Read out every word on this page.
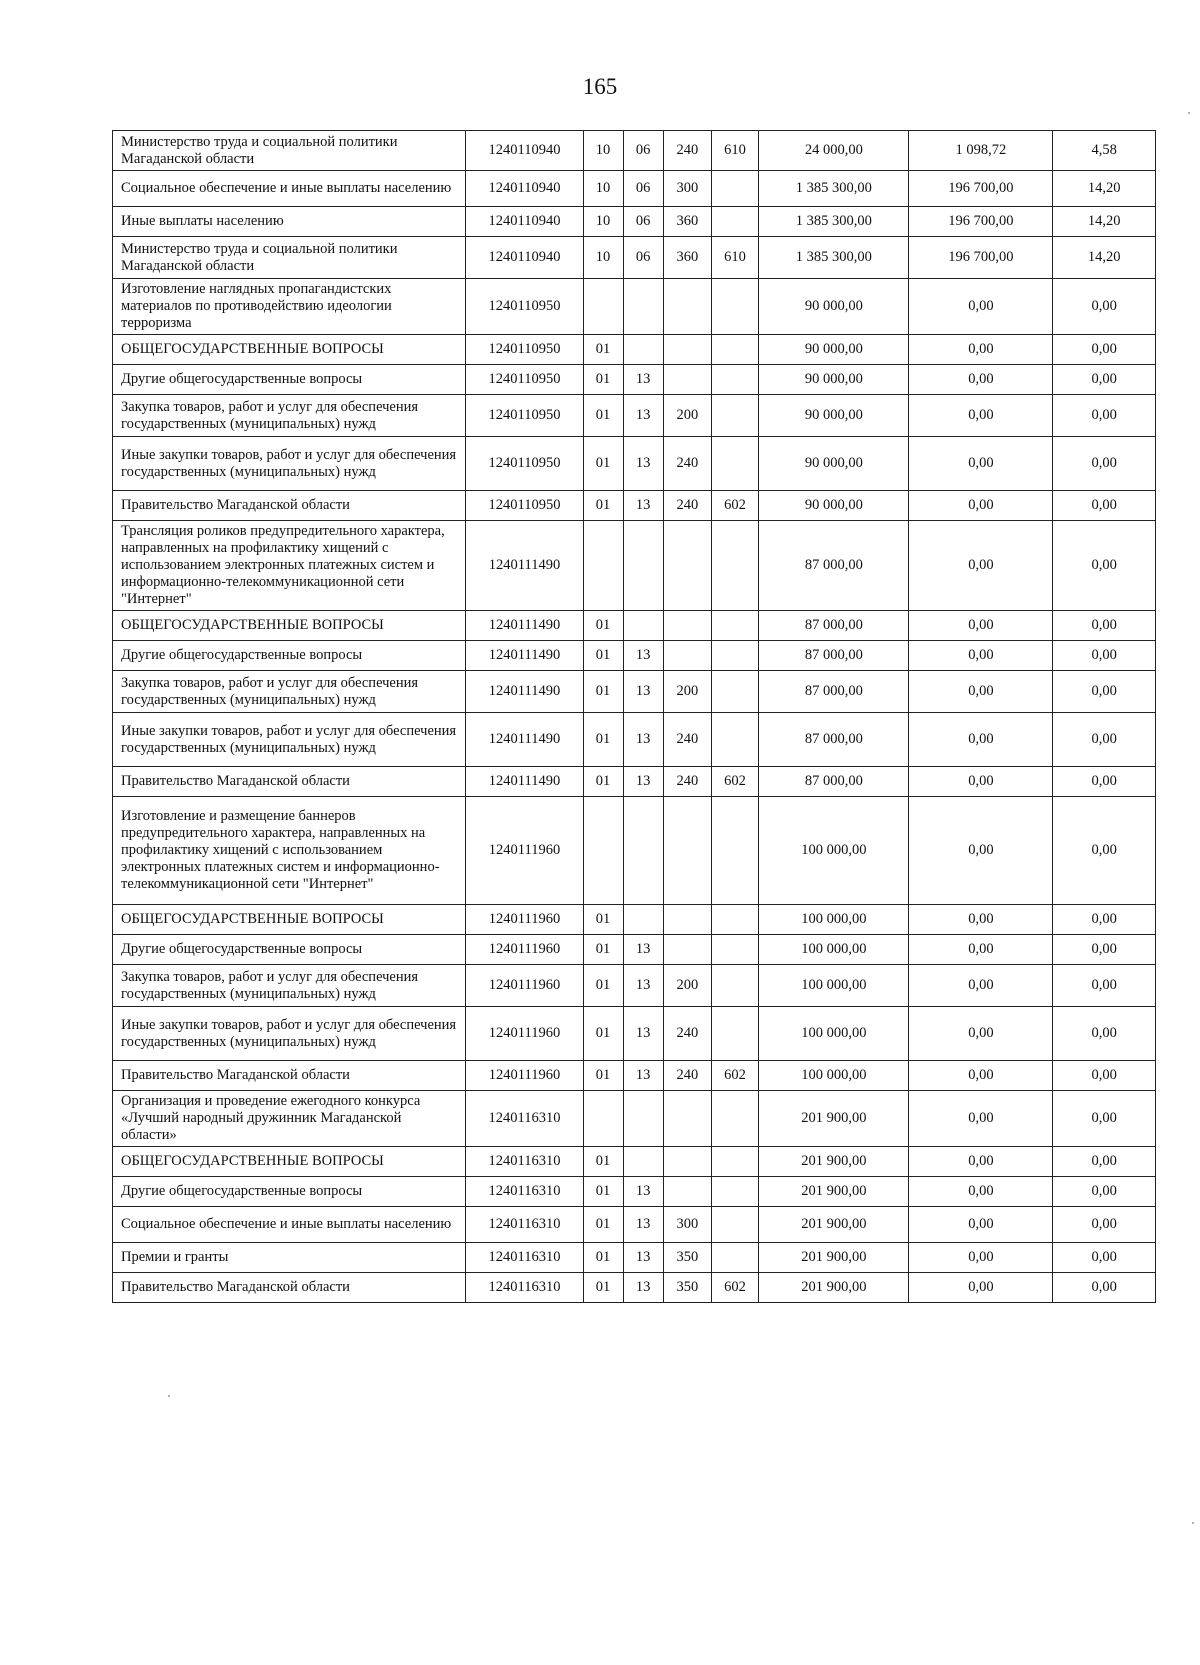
165
Министерство труда и социальной политики Магаданской области	1240110940	10	06	240	610	24 000,00	1 098,72	4,58
Социальное обеспечение и иные выплаты населению	1240110940	10	06	300		1 385 300,00	196 700,00	14,20
Иные выплаты населению	1240110940	10	06	360		1 385 300,00	196 700,00	14,20
Министерство труда и социальной политики Магаданской области	1240110940	10	06	360	610	1 385 300,00	196 700,00	14,20
Изготовление наглядных пропагандистских материалов по противодействию идеологии терроризма	1240110950					90 000,00	0,00	0,00
ОБЩЕГОСУДАРСТВЕННЫЕ ВОПРОСЫ	1240110950	01				90 000,00	0,00	0,00
Другие общегосударственные вопросы	1240110950	01	13			90 000,00	0,00	0,00
Закупка товаров, работ и услуг для обеспечения государственных (муниципальных) нужд	1240110950	01	13	200		90 000,00	0,00	0,00
Иные закупки товаров, работ и услуг для обеспечения государственных (муниципальных) нужд	1240110950	01	13	240		90 000,00	0,00	0,00
Правительство Магаданской области	1240110950	01	13	240	602	90 000,00	0,00	0,00
Трансляция роликов предупредительного характера, направленных на профилактику хищений с использованием электронных платежных систем и информационно-телекоммуникационной сети "Интернет"	1240111490					87 000,00	0,00	0,00
ОБЩЕГОСУДАРСТВЕННЫЕ ВОПРОСЫ	1240111490	01				87 000,00	0,00	0,00
Другие общегосударственные вопросы	1240111490	01	13			87 000,00	0,00	0,00
Закупка товаров, работ и услуг для обеспечения государственных (муниципальных) нужд	1240111490	01	13	200		87 000,00	0,00	0,00
Иные закупки товаров, работ и услуг для обеспечения государственных (муниципальных) нужд	1240111490	01	13	240		87 000,00	0,00	0,00
Правительство Магаданской области	1240111490	01	13	240	602	87 000,00	0,00	0,00
Изготовление и размещение баннеров предупредительного характера, направленных на профилактику хищений с использованием электронных платежных систем и информационно-телекоммуникационной сети "Интернет"	1240111960					100 000,00	0,00	0,00
ОБЩЕГОСУДАРСТВЕННЫЕ ВОПРОСЫ	1240111960	01				100 000,00	0,00	0,00
Другие общегосударственные вопросы	1240111960	01	13			100 000,00	0,00	0,00
Закупка товаров, работ и услуг для обеспечения государственных (муниципальных) нужд	1240111960	01	13	200		100 000,00	0,00	0,00
Иные закупки товаров, работ и услуг для обеспечения государственных (муниципальных) нужд	1240111960	01	13	240		100 000,00	0,00	0,00
Правительство Магаданской области	1240111960	01	13	240	602	100 000,00	0,00	0,00
Организация и проведение ежегодного конкурса «Лучший народный дружинник Магаданской области»	1240116310					201 900,00	0,00	0,00
ОБЩЕГОСУДАРСТВЕННЫЕ ВОПРОСЫ	1240116310	01				201 900,00	0,00	0,00
Другие общегосударственные вопросы	1240116310	01	13			201 900,00	0,00	0,00
Социальное обеспечение и иные выплаты населению	1240116310	01	13	300		201 900,00	0,00	0,00
Премии и гранты	1240116310	01	13	350		201 900,00	0,00	0,00
Правительство Магаданской области	1240116310	01	13	350	602	201 900,00	0,00	0,00
